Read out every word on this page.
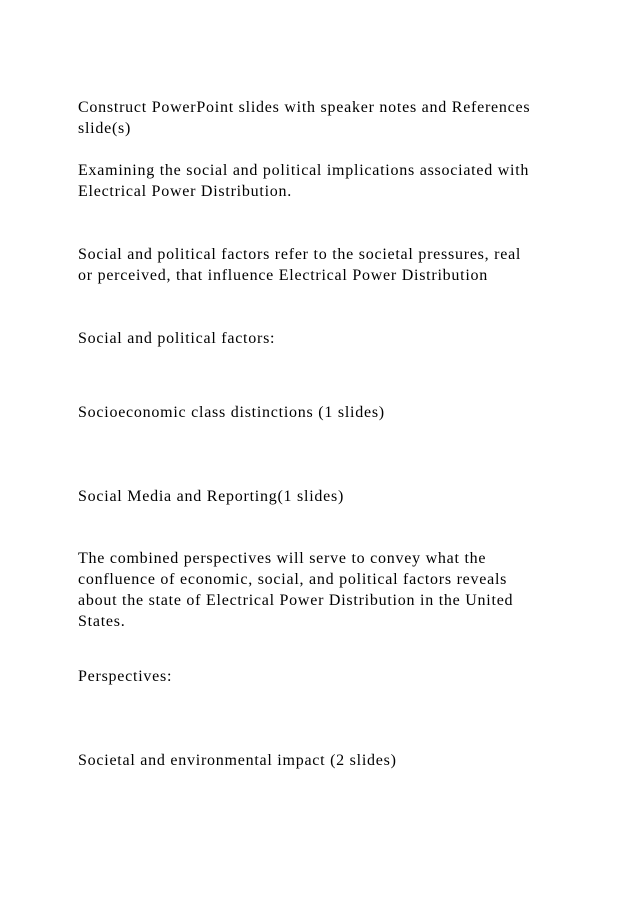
Construct PowerPoint slides with speaker notes and References
slide(s)

Examining the social and political implications associated with
Electrical Power Distribution.

Social and political factors refer to the societal pressures, real
or perceived, that influence Electrical Power Distribution

Social and political factors:

Socioeconomic class distinctions (1 slides)

Social Media and Reporting(1 slides)

The combined perspectives will serve to convey what the
confluence of economic, social, and political factors reveals
about the state of Electrical Power Distribution in the United
States.

Perspectives:

Societal and environmental impact (2 slides)
